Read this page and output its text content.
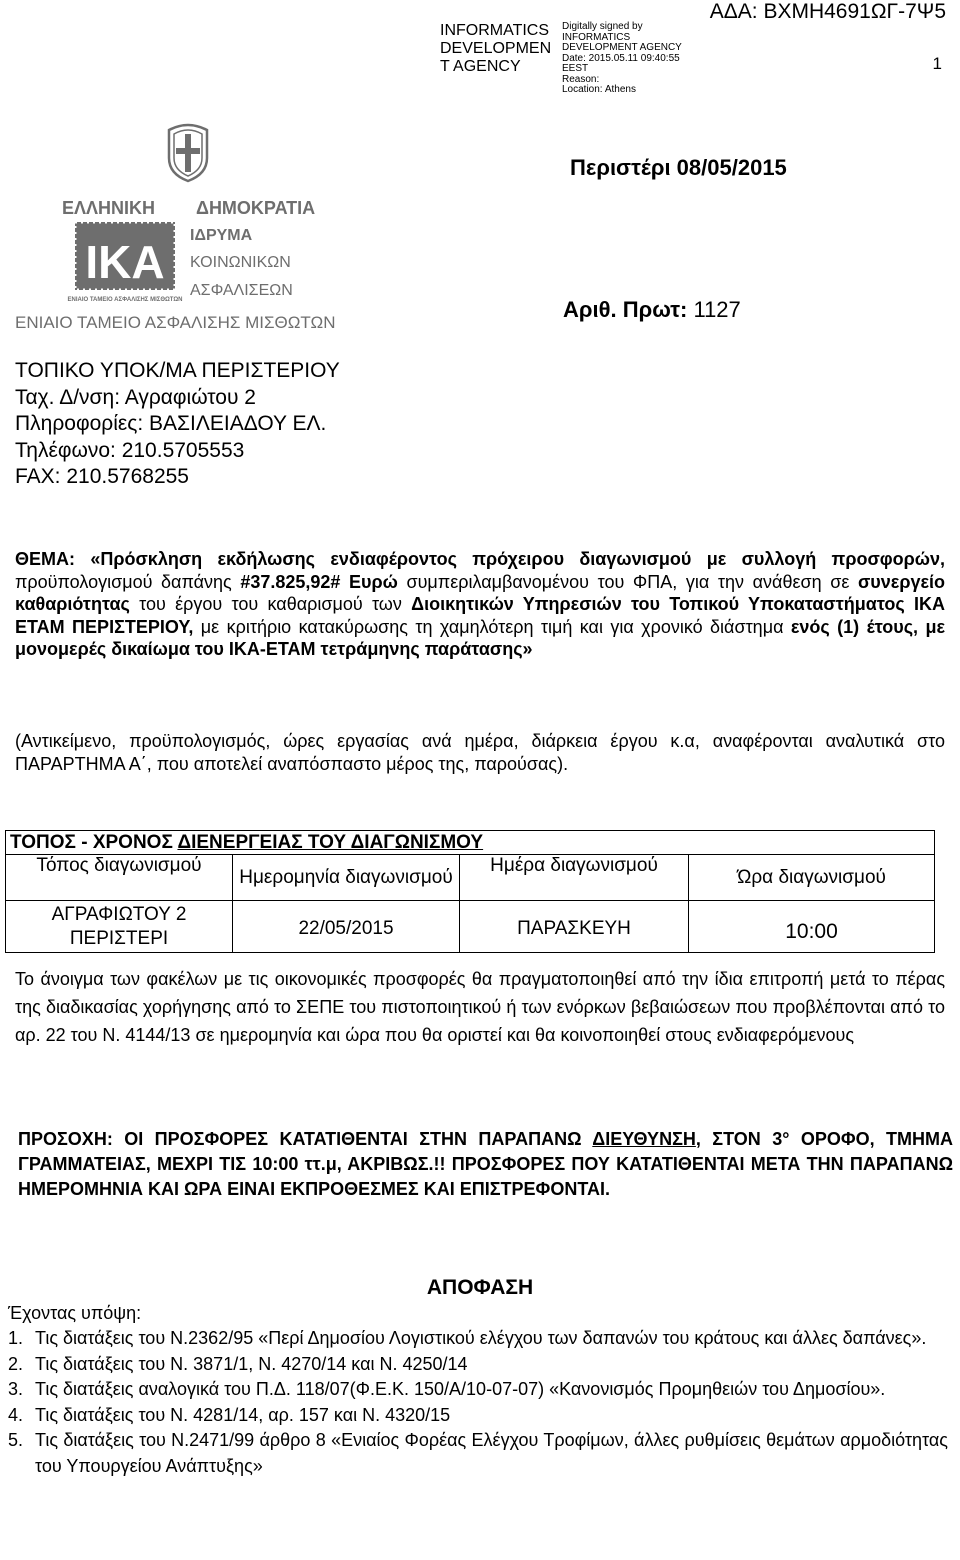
INFORMATICS DEVELOPMEN T AGENCY
Digitally signed by
INFORMATICS DEVELOPMENT AGENCY
Date: 2015.05.11 09:40:55
EEST
Reason:
Location: Athens
ΑΔΑ: ΒΧΜΗ4691ΩΓ-7Ψ5
1
ΕΛΛΗΝΙΚΗ ΔΗΜΟΚΡΑΤΙΑ
ΙΚΑ
ΕΝΙΑΙΟ ΤΑΜΕΙΟ ΑΣΦΑΛΙΣΗΣ ΜΙΣΘΩΤΩΝ
ΙΔΡΥΜΑ
ΚΟΙΝΩΝΙΚΩΝ
ΑΣΦΑΛΙΣΕΩΝ
ΕΝΙΑΙΟ ΤΑΜΕΙΟ ΑΣΦΑΛΙΣΗΣ ΜΙΣΘΩΤΩΝ
Περιστέρι 08/05/2015
Αριθ. Πρωτ: 1127
ΤΟΠΙΚΟ ΥΠΟΚ/ΜΑ ΠΕΡΙΣΤΕΡΙΟΥ
Ταχ. Δ/νση: Αγραφιώτου 2
Πληροφορίες: ΒΑΣΙΛΕΙΑΔΟΥ ΕΛ.
Τηλέφωνο: 210.5705553
FAX: 210.5768255
ΘΕΜΑ: «Πρόσκληση εκδήλωσης ενδιαφέροντος πρόχειρου διαγωνισμού με συλλογή προσφορών, προϋπολογισμού δαπάνης #37.825,92# Ευρώ συμπεριλαμβανομένου του ΦΠΑ, για την ανάθεση σε συνεργείο καθαριότητας του έργου του καθαρισμού των Διοικητικών Υπηρεσιών του Τοπικού Υποκαταστήματος ΙΚΑ ΕΤΑΜ ΠΕΡΙΣΤΕΡΙΟΥ, με κριτήριο κατακύρωσης τη χαμηλότερη τιμή και για χρονικό διάστημα ενός (1) έτους, με μονομερές δικαίωμα του ΙΚΑ-ΕΤΑΜ τετράμηνης παράτασης»
(Αντικείμενο, προϋπολογισμός, ώρες εργασίας ανά ημέρα, διάρκεια έργου κ.α, αναφέρονται αναλυτικά στο ΠΑΡΑΡΤΗΜΑ Α΄, που αποτελεί αναπόσπαστο μέρος της, παρούσας).
ΤΟΠΟΣ - ΧΡΟΝΟΣ ΔΙΕΝΕΡΓΕΙΑΣ ΤΟΥ ΔΙΑΓΩΝΙΣΜΟΥ			
Τόπος διαγωνισμού	Ημερομηνία διαγωνισμού	Ημέρα διαγωνισμού	Ώρα διαγωνισμού
ΑΓΡΑΦΙΩΤΟΥ 2 ΠΕΡΙΣΤΕΡΙ	22/05/2015	ΠΑΡΑΣΚΕΥΗ	10:00
Το άνοιγμα των φακέλων με τις οικονομικές προσφορές θα πραγματοποιηθεί από την ίδια επιτροπή μετά το πέρας της διαδικασίας χορήγησης από το ΣΕΠΕ του πιστοποιητικού ή των ενόρκων βεβαιώσεων που προβλέπονται από το αρ. 22 του Ν. 4144/13 σε ημερομηνία και ώρα που θα οριστεί και θα κοινοποιηθεί στους ενδιαφερόμενους
ΠΡΟΣΟΧΗ: ΟΙ ΠΡΟΣΦΟΡΕΣ ΚΑΤΑΤΙΘΕΝΤΑΙ ΣΤΗΝ ΠΑΡΑΠΑΝΩ ΔΙΕΥΘΥΝΣΗ, ΣΤΟΝ 3° ΟΡΟΦΟ, ΤΜΗΜΑ ΓΡΑΜΜΑΤΕΙΑΣ, ΜΕΧΡΙ ΤΙΣ 10:00 ττ.μ, ΑΚΡΙΒΩΣ.!! ΠΡΟΣΦΟΡΕΣ ΠΟΥ ΚΑΤΑΤΙΘΕΝΤΑΙ ΜΕΤΑ ΤΗΝ ΠΑΡΑΠΑΝΩ ΗΜΕΡΟΜΗΝΙΑ ΚΑΙ ΩΡΑ ΕΙΝΑΙ ΕΚΠΡΟΘΕΣΜΕΣ ΚΑΙ ΕΠΙΣΤΡΕΦΟΝΤΑΙ.
ΑΠΟΦΑΣΗ
Έχοντας υπόψη:
1. Τις διατάξεις του Ν.2362/95 «Περί Δημοσίου Λογιστικού ελέγχου των δαπανών του κράτους και άλλες δαπάνες».
2. Τις διατάξεις του Ν. 3871/1, Ν. 4270/14 και Ν. 4250/14
3. Τις διατάξεις αναλογικά του Π.Δ. 118/07(Φ.Ε.Κ. 150/Α/10-07-07) «Κανονισμός Προμηθειών του Δημοσίου».
4. Τις διατάξεις του Ν. 4281/14, αρ. 157 και Ν. 4320/15
5. Τις διατάξεις του Ν.2471/99 άρθρο 8 «Ενιαίος Φορέας Ελέγχου Τροφίμων, άλλες ρυθμίσεις θεμάτων αρμοδιότητας του Υπουργείου Ανάπτυξης»
